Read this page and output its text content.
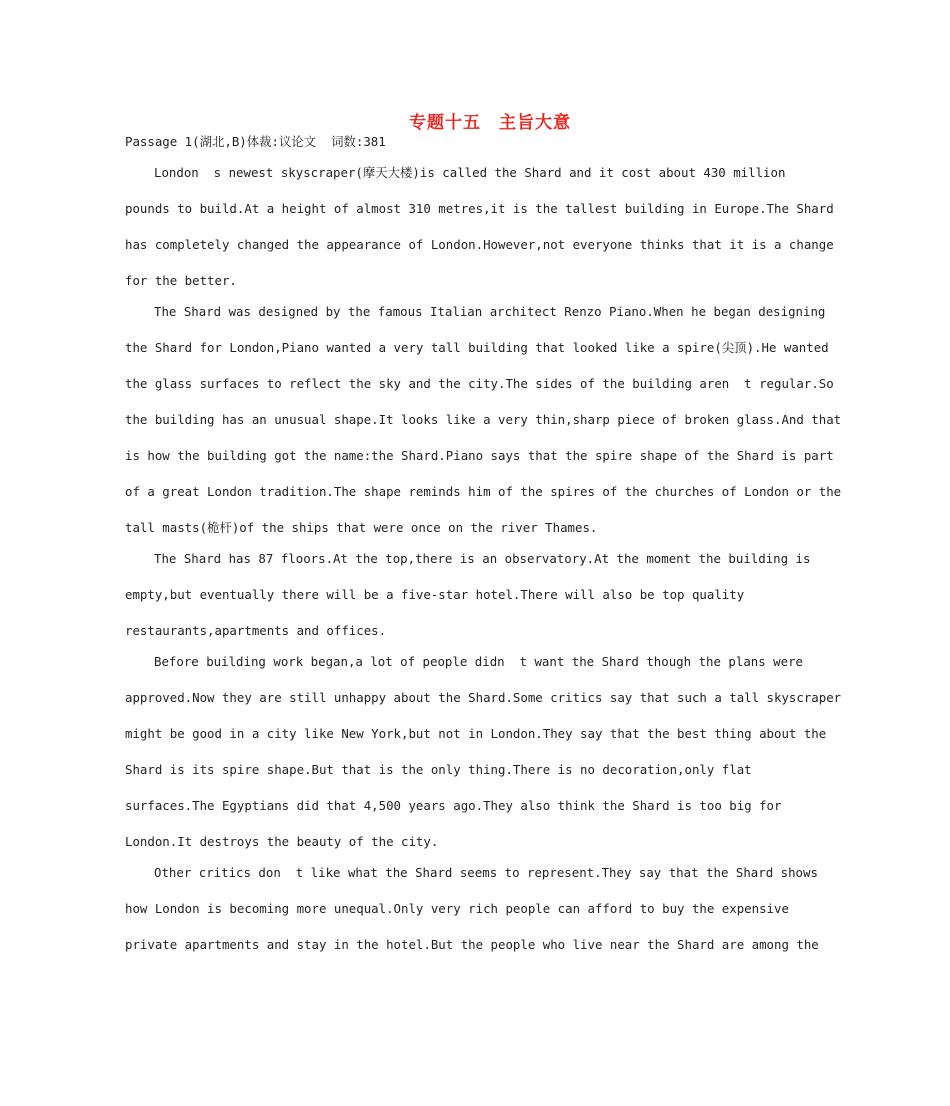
专题十五　主旨大意
Passage 1(湖北,B)体裁:议论文  词数:381
London  s newest skyscraper(摩天大楼)is called the Shard and it cost about 430 million
pounds to build.At a height of almost 310 metres,it is the tallest building in Europe.The Shard
has completely changed the appearance of London.However,not everyone thinks that it is a change
for the better.
The Shard was designed by the famous Italian architect Renzo Piano.When he began designing
the Shard for London,Piano wanted a very tall building that looked like a spire(尖顶).He wanted
the glass surfaces to reflect the sky and the city.The sides of the building aren  t regular.So
the building has an unusual shape.It looks like a very thin,sharp piece of broken glass.And that
is how the building got the name:the Shard.Piano says that the spire shape of the Shard is part
of a great London tradition.The shape reminds him of the spires of the churches of London or the
tall masts(桅杆)of the ships that were once on the river Thames.
The Shard has 87 floors.At the top,there is an observatory.At the moment the building is
empty,but eventually there will be a five-star hotel.There will also be top quality
restaurants,apartments and offices.
Before building work began,a lot of people didn  t want the Shard though the plans were
approved.Now they are still unhappy about the Shard.Some critics say that such a tall skyscraper
might be good in a city like New York,but not in London.They say that the best thing about the
Shard is its spire shape.But that is the only thing.There is no decoration,only flat
surfaces.The Egyptians did that 4,500 years ago.They also think the Shard is too big for
London.It destroys the beauty of the city.
Other critics don  t like what the Shard seems to represent.They say that the Shard shows
how London is becoming more unequal.Only very rich people can afford to buy the expensive
private apartments and stay in the hotel.But the people who live near the Shard are among the
